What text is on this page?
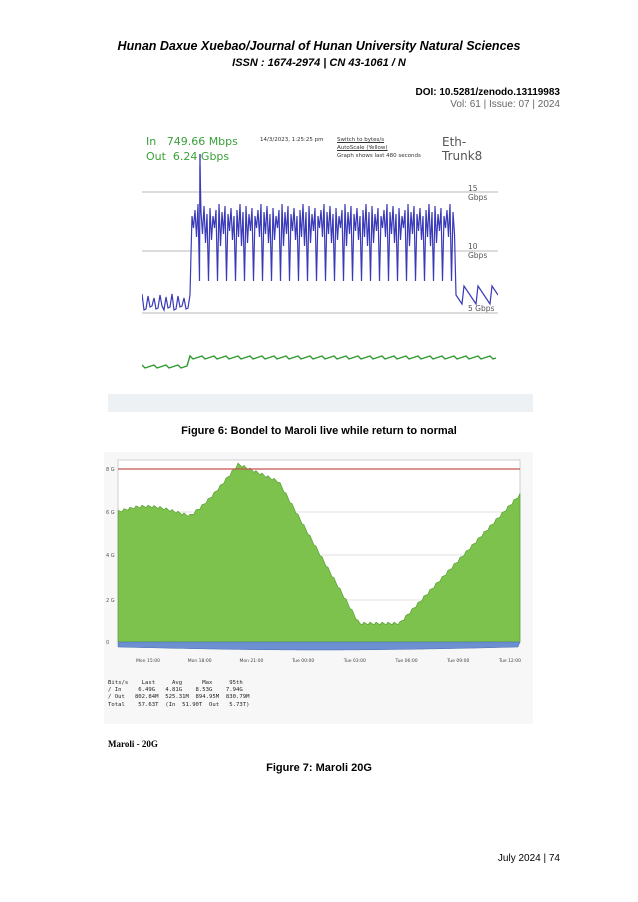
Hunan Daxue Xuebao/Journal of Hunan University Natural Sciences
ISSN : 1674-2974 | CN 43-1061 / N
DOI: 10.5281/zenodo.13119983
Vol: 61 | Issue: 07 | 2024
In   749.66 Mbps
Out  6.24 Gbps
14/3/2023, 1:25:25 pm Switch to bytes/s
AutoScale (Yellow)
Graph shows last 480 seconds
Eth-Trunk8
15 Gbps
10 Gbps
5 Gbps
Figure 6: Bondel to Maroli live while return to normal
8 G
6 G
4 G
2 G
0
Mon 15:00	Mon 18:00	Mon 21:00	Tue 00:00	Tue 03:00	Tue 06:00	Tue 09:00	Tue 12:00
Bits/s    Last     Avg      Max     95th
/ In     6.49G   4.81G    8.53G    7.94G
/ Out   802.84M  525.31M  894.95M  830.79M
Total    57.63T  (In  51.90T  Out   5.73T)
Maroli - 20G
Figure 7: Maroli 20G
July 2024 | 74
